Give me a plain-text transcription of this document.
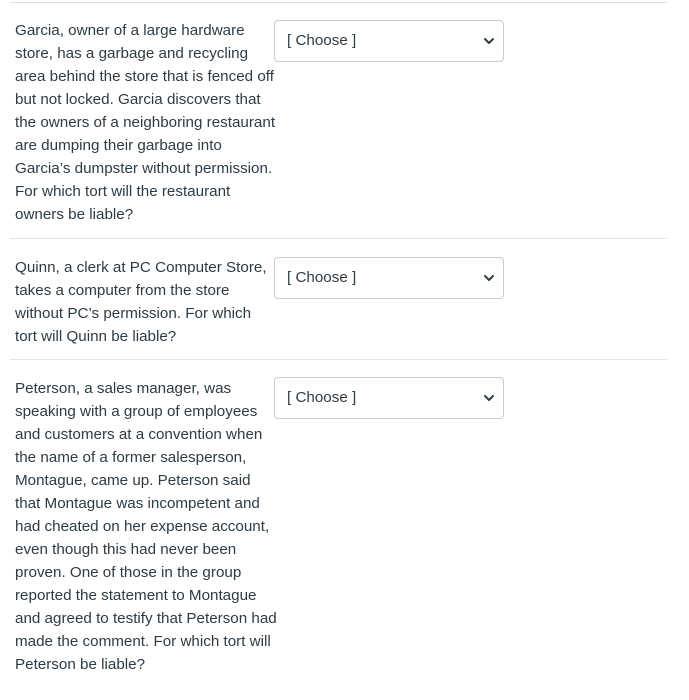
Garcia, owner of a large hardware store, has a garbage and recycling area behind the store that is fenced off but not locked. Garcia discovers that the owners of a neighboring restaurant are dumping their garbage into Garcia’s dumpster without permission. For which tort will the restaurant owners be liable?

[ Choose ]

Quinn, a clerk at PC Computer Store, takes a computer from the store without PC’s permission. For which tort will Quinn be liable?

[ Choose ]

Peterson, a sales manager, was speaking with a group of employees and customers at a convention when the name of a former salesperson, Montague, came up. Peterson said that Montague was incompetent and had cheated on her expense account, even though this had never been proven. One of those in the group reported the statement to Montague and agreed to testify that Peterson had made the comment. For which tort will Peterson be liable?

[ Choose ]
